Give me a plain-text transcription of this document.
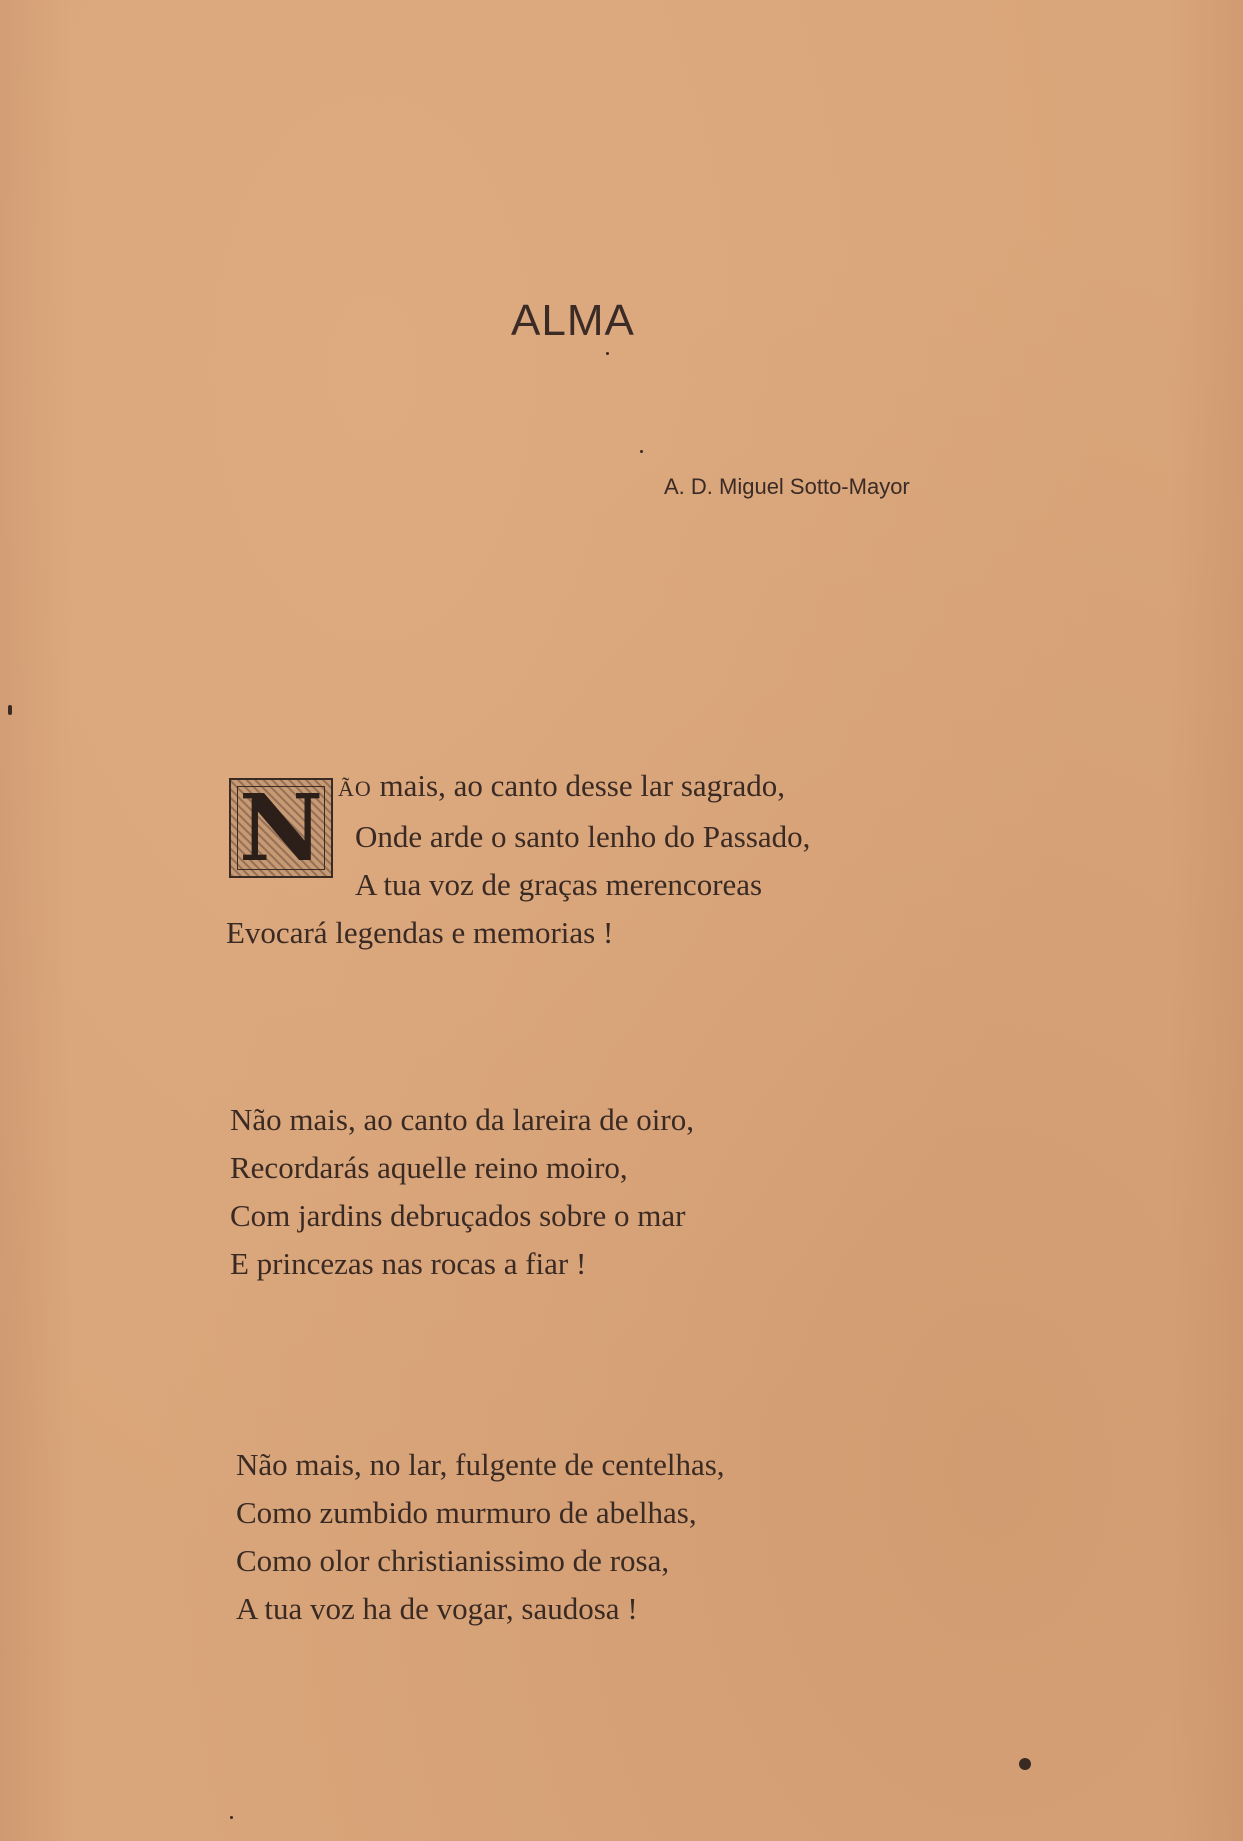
ALMA
A. D. Miguel Sotto-Mayor
N ÃO mais, ao canto desse lar sagrado,
Onde arde o santo lenho do Passado,
A tua voz de graças merencoreas
Evocará legendas e memorias !
Não mais, ao canto da lareira de oiro,
Recordarás aquelle reino moiro,
Com jardins debruçados sobre o mar
E princezas nas rocas a fiar !
Não mais, no lar, fulgente de centelhas,
Como zumbido murmuro de abelhas,
Como olor christianissimo de rosa,
A tua voz ha de vogar, saudosa !
